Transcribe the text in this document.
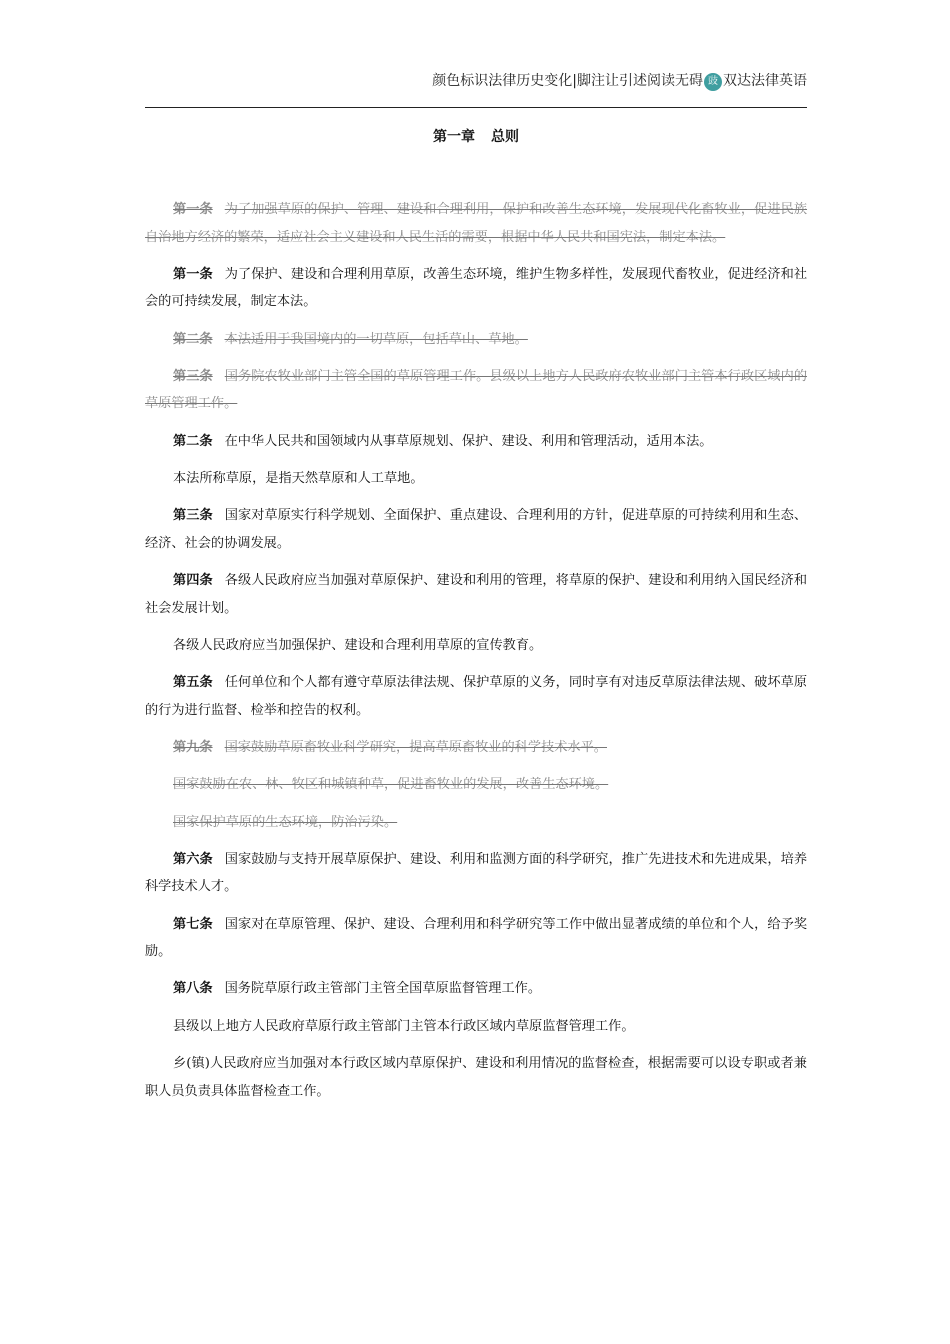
颜色标识法律历史变化|脚注让引述阅读无碍 豉 双达法律英语
第一章 总则

第一条 为了加强草原的保护、管理、建设和合理利用，保护和改善生态环境，发展现代化畜牧业，促进民族自治地方经济的繁荣，适应社会主义建设和人民生活的需要，根据中华人民共和国宪法，制定本法。

第一条 为了保护、建设和合理利用草原，改善生态环境，维护生物多样性，发展现代畜牧业，促进经济和社会的可持续发展，制定本法。

第二条 本法适用于我国境内的一切草原，包括草山、草地。

第三条 国务院农牧业部门主管全国的草原管理工作。县级以上地方人民政府农牧业部门主管本行政区域内的草原管理工作。

第二条 在中华人民共和国领域内从事草原规划、保护、建设、利用和管理活动，适用本法。

本法所称草原，是指天然草原和人工草地。

第三条 国家对草原实行科学规划、全面保护、重点建设、合理利用的方针，促进草原的可持续利用和生态、经济、社会的协调发展。

第四条 各级人民政府应当加强对草原保护、建设和利用的管理，将草原的保护、建设和利用纳入国民经济和社会发展计划。

各级人民政府应当加强保护、建设和合理利用草原的宣传教育。

第五条 任何单位和个人都有遵守草原法律法规、保护草原的义务，同时享有对违反草原法律法规、破坏草原的行为进行监督、检举和控告的权利。

第九条 国家鼓励草原畜牧业科学研究，提高草原畜牧业的科学技术水平。

国家鼓励在农、林、牧区和城镇种草，促进畜牧业的发展，改善生态环境。

国家保护草原的生态环境，防治污染。

第六条 国家鼓励与支持开展草原保护、建设、利用和监测方面的科学研究，推广先进技术和先进成果，培养科学技术人才。

第七条 国家对在草原管理、保护、建设、合理利用和科学研究等工作中做出显著成绩的单位和个人，给予奖励。

第八条 国务院草原行政主管部门主管全国草原监督管理工作。

县级以上地方人民政府草原行政主管部门主管本行政区域内草原监督管理工作。

乡(镇)人民政府应当加强对本行政区域内草原保护、建设和利用情况的监督检查，根据需要可以设专职或者兼职人员负责具体监督检查工作。
